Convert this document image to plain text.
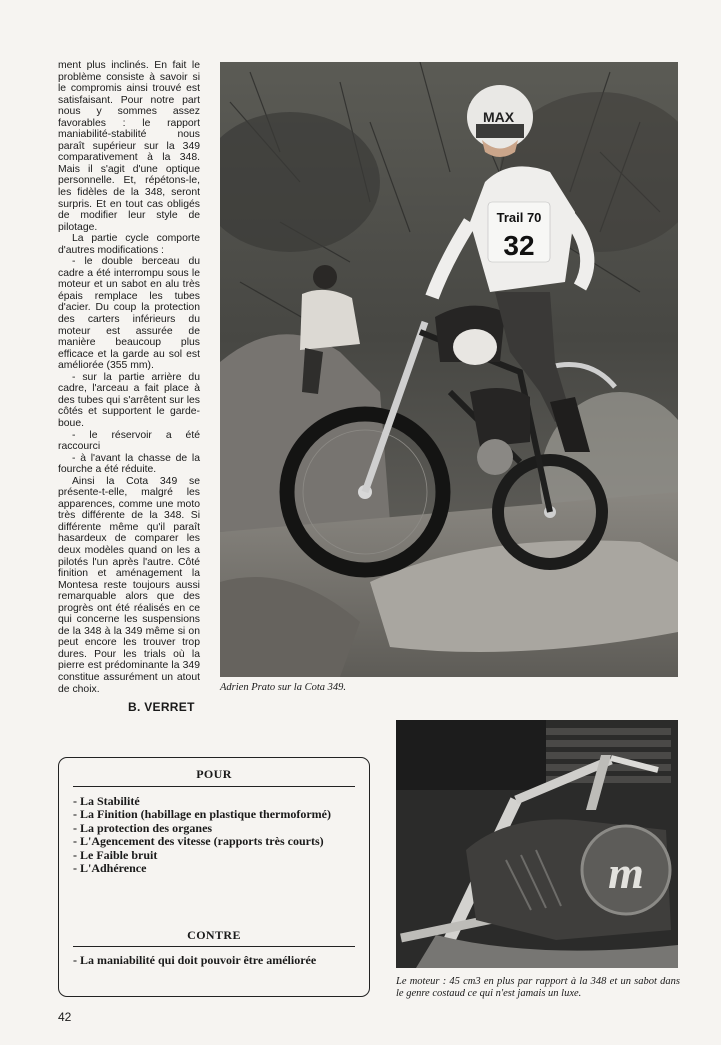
ment plus inclinés. En fait le problème consiste à savoir si le compromis ainsi trouvé est satisfaisant. Pour notre part nous y sommes assez favorables : le rapport maniabilité-stabilité nous paraît supérieur sur la 349 comparativement à la 348. Mais il s'agit d'une optique personnelle. Et, répétons-le, les fidèles de la 348, seront surpris. Et en tout cas obligés de modifier leur style de pilotage.

La partie cycle comporte d'autres modifications :

- le double berceau du cadre a été interrompu sous le moteur et un sabot en alu très épais remplace les tubes d'acier. Du coup la protection des carters inférieurs du moteur est assurée de manière beaucoup plus efficace et la garde au sol est améliorée (355 mm).

- sur la partie arrière du cadre, l'arceau a fait place à des tubes qui s'arrêtent sur les côtés et supportent le garde-boue.

- le réservoir a été raccourci

- à l'avant la chasse de la fourche a été réduite.

Ainsi la Cota 349 se présente-t-elle, malgré les apparences, comme une moto très différente de la 348. Si différente même qu'il paraît hasardeux de comparer les deux modèles quand on les a pilotés l'un après l'autre. Côté finition et aménagement la Montesa reste toujours aussi remarquable alors que des progrès ont été réalisés en ce qui concerne les suspensions de la 348 à la 349 même si on peut encore les trouver trop dures. Pour les trials où la pierre est prédominante la 349 constitue assurément un atout de choix.

B. VERRET
MAX
Trail 70
32
Adrien Prato sur la Cota 349.
m
Le moteur : 45 cm3 en plus par rapport à la 348 et un sabot dans le genre costaud ce qui n'est jamais un luxe.
POUR
- La Stabilité
- La Finition (habillage en plastique thermoformé)
- La protection des organes
- L'Agencement des vitesse (rapports très courts)
- Le Faible bruit
- L'Adhérence
CONTRE
- La maniabilité qui doit pouvoir être améliorée
42
